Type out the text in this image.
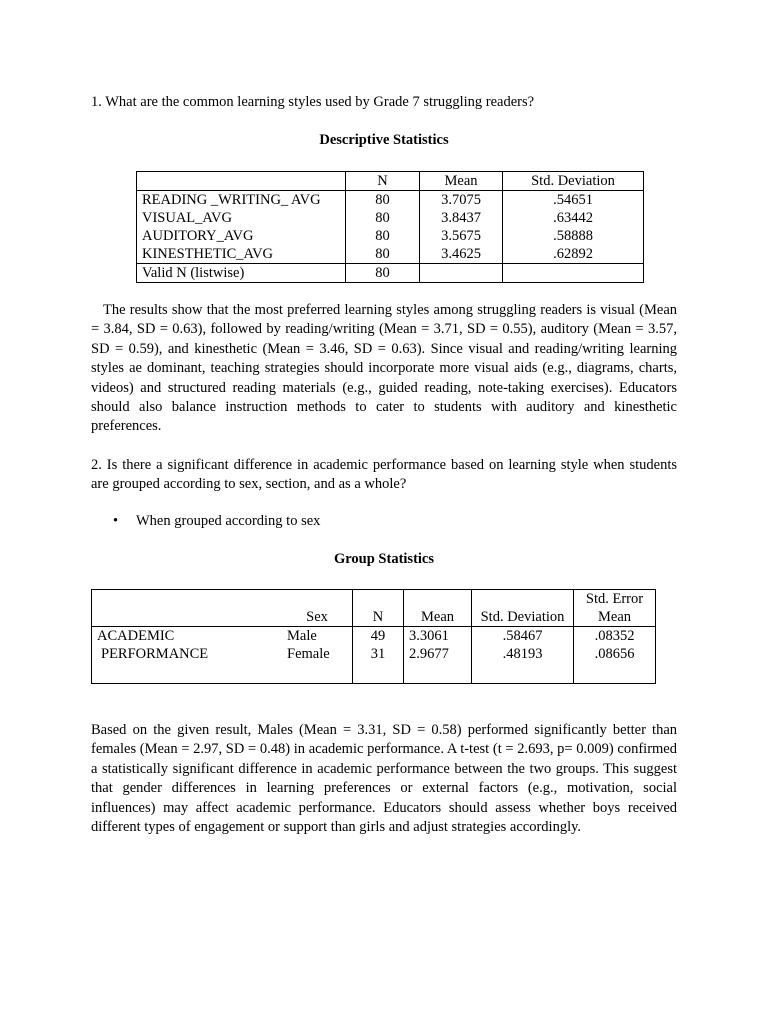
1. What are the common learning styles used by Grade 7 struggling readers?
Descriptive Statistics
	N	Mean	Std. Deviation
READING _WRITING_ AVG	80	3.7075	.54651
VISUAL_AVG	80	3.8437	.63442
AUDITORY_AVG	80	3.5675	.58888
KINESTHETIC_AVG	80	3.4625	.62892
Valid N (listwise)	80		
The results show that the most preferred learning styles among struggling readers is visual (Mean = 3.84, SD = 0.63), followed by reading/writing (Mean = 3.71, SD = 0.55), auditory (Mean = 3.57, SD = 0.59), and kinesthetic (Mean = 3.46, SD = 0.63). Since visual and reading/writing learning styles ae dominant, teaching strategies should incorporate more visual aids (e.g., diagrams, charts, videos) and structured reading materials (e.g., guided reading, note-taking exercises). Educators should also balance instruction methods to cater to students with auditory and kinesthetic preferences.
2. Is there a significant difference in academic performance based on learning style when students are grouped according to sex, section, and as a whole?
• When grouped according to sex
Group Statistics
	Sex	N	Mean	Std. Deviation	Std. Error
Mean

ACADEMIC	Male	49	3.3061	.58467	.08352
PERFORMANCE	Female	31	2.9677	.48193	.08656

Based on the given result, Males (Mean = 3.31, SD = 0.58) performed significantly better than females (Mean = 2.97, SD = 0.48) in academic performance. A t-test (t = 2.693, p= 0.009) confirmed a statistically significant difference in academic performance between the two groups. This suggest that gender differences in learning preferences or external factors (e.g., motivation, social influences) may affect academic performance. Educators should assess whether boys received different types of engagement or support than girls and adjust strategies accordingly.
